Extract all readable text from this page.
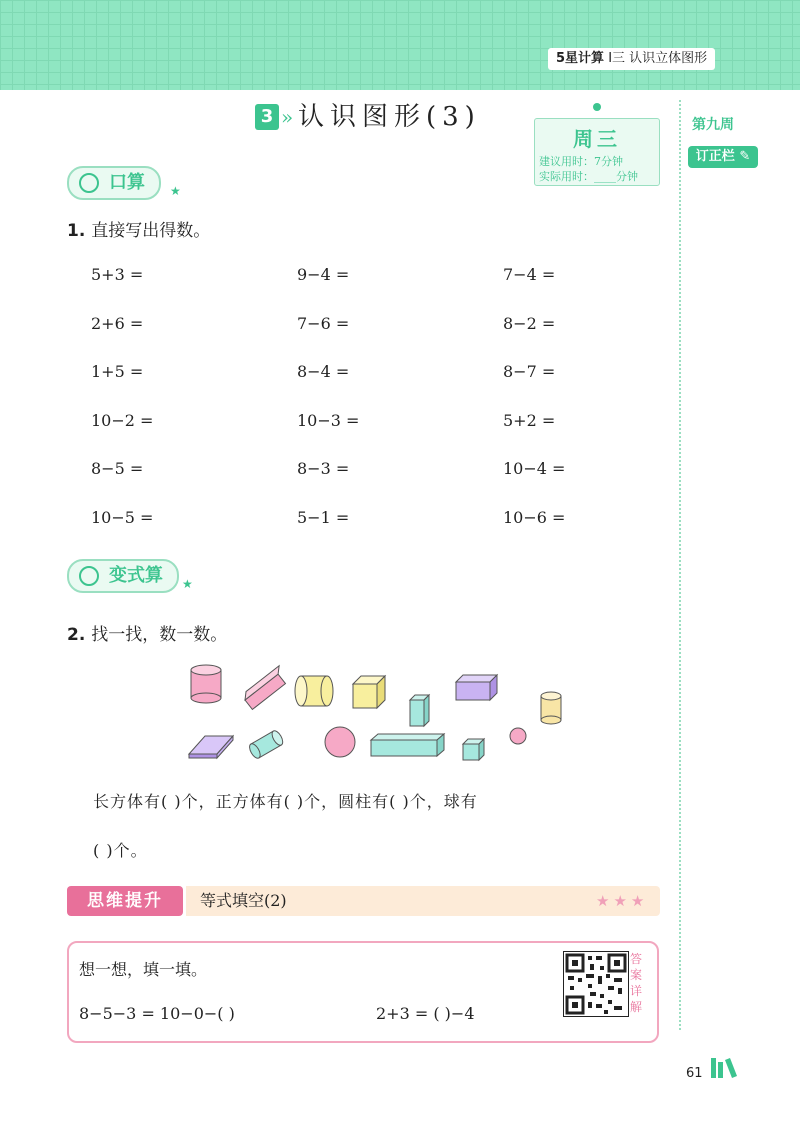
5星计算 Ⅰ三 认识立体图形
3 » 认识图形(3)
周三
建议用时：7分钟
实际用时：____分钟
第九周
订正栏 ✎
口算	★
1. 直接写出得数。
5+3 =	9−4 =	7−4 =
2+6 =	7−6 =	8−2 =
1+5 =	8−4 =	8−7 =
10−2 =	10−3 =	5+2 =
8−5 =	8−3 =	10−4 =
10−5 =	5−1 =	10−6 =
变式算	★
2. 找一找，数一数。
长方体有( )个，正方体有( )个，圆柱有( )个，球有
( )个。
思维提升	等式填空(2)	★★★
想一想，填一填。
8−5−3 = 10−0−( )	2+3 = ( )−4
答案详解
61
